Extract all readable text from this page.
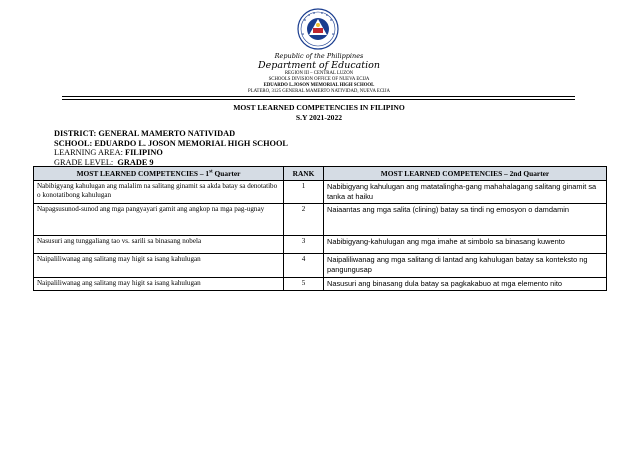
Republic of the Philippines
Department of Education
REGION III – CENTRAL LUZON
SCHOOLS DIVISION OFFICE OF NUEVA ECIJA
EDUARDO L.JOSON MEMORIAL HIGH SCHOOL
PLATERO, 3125 GENERAL MAMERTO NATIVIDAD, NUEVA ECIJA
MOST LEARNED COMPETENCIES IN FILIPINO
S.Y 2021-2022
DISTRICT: GENERAL MAMERTO NATIVIDAD
SCHOOL: EDUARDO L. JOSON MEMORIAL HIGH SCHOOL
LEARNING AREA: FILIPINO
GRADE LEVEL: GRADE 9
MOST LEARNED COMPETENCIES – 1st Quarter	RANK	MOST LEARNED COMPETENCIES – 2nd Quarter
Nabibigyang kahulugan ang malalim na salitang ginamit sa akda batay sa denotatibo o konotatibong kahulugan	1	Nabibigyang kahulugan ang matatalingha-gang mahahalagang salitang ginamit sa tanka at haiku
Napagsusunod-sunod ang mga pangyayari gamit ang angkop na mga pag-ugnay	2	Naiaantas ang mga salita (clining) batay sa tindi ng emosyon o damdamin
Nasusuri ang tunggaliang tao vs. sarili sa binasang nobela	3	Nabibigyang-kahulugan ang mga imahe at simbolo sa binasang kuwento
Naipaliliwanag ang salitang may higit sa isang kahulugan	4	Naipaliliwanag ang mga salitang di lantad ang kahulugan batay sa konteksto ng pangungusap
Naipaliliwanag ang salitang may higit sa isang kahulugan	5	Nasusuri ang binasang dula batay sa pagkakabuo at mga elemento nito
